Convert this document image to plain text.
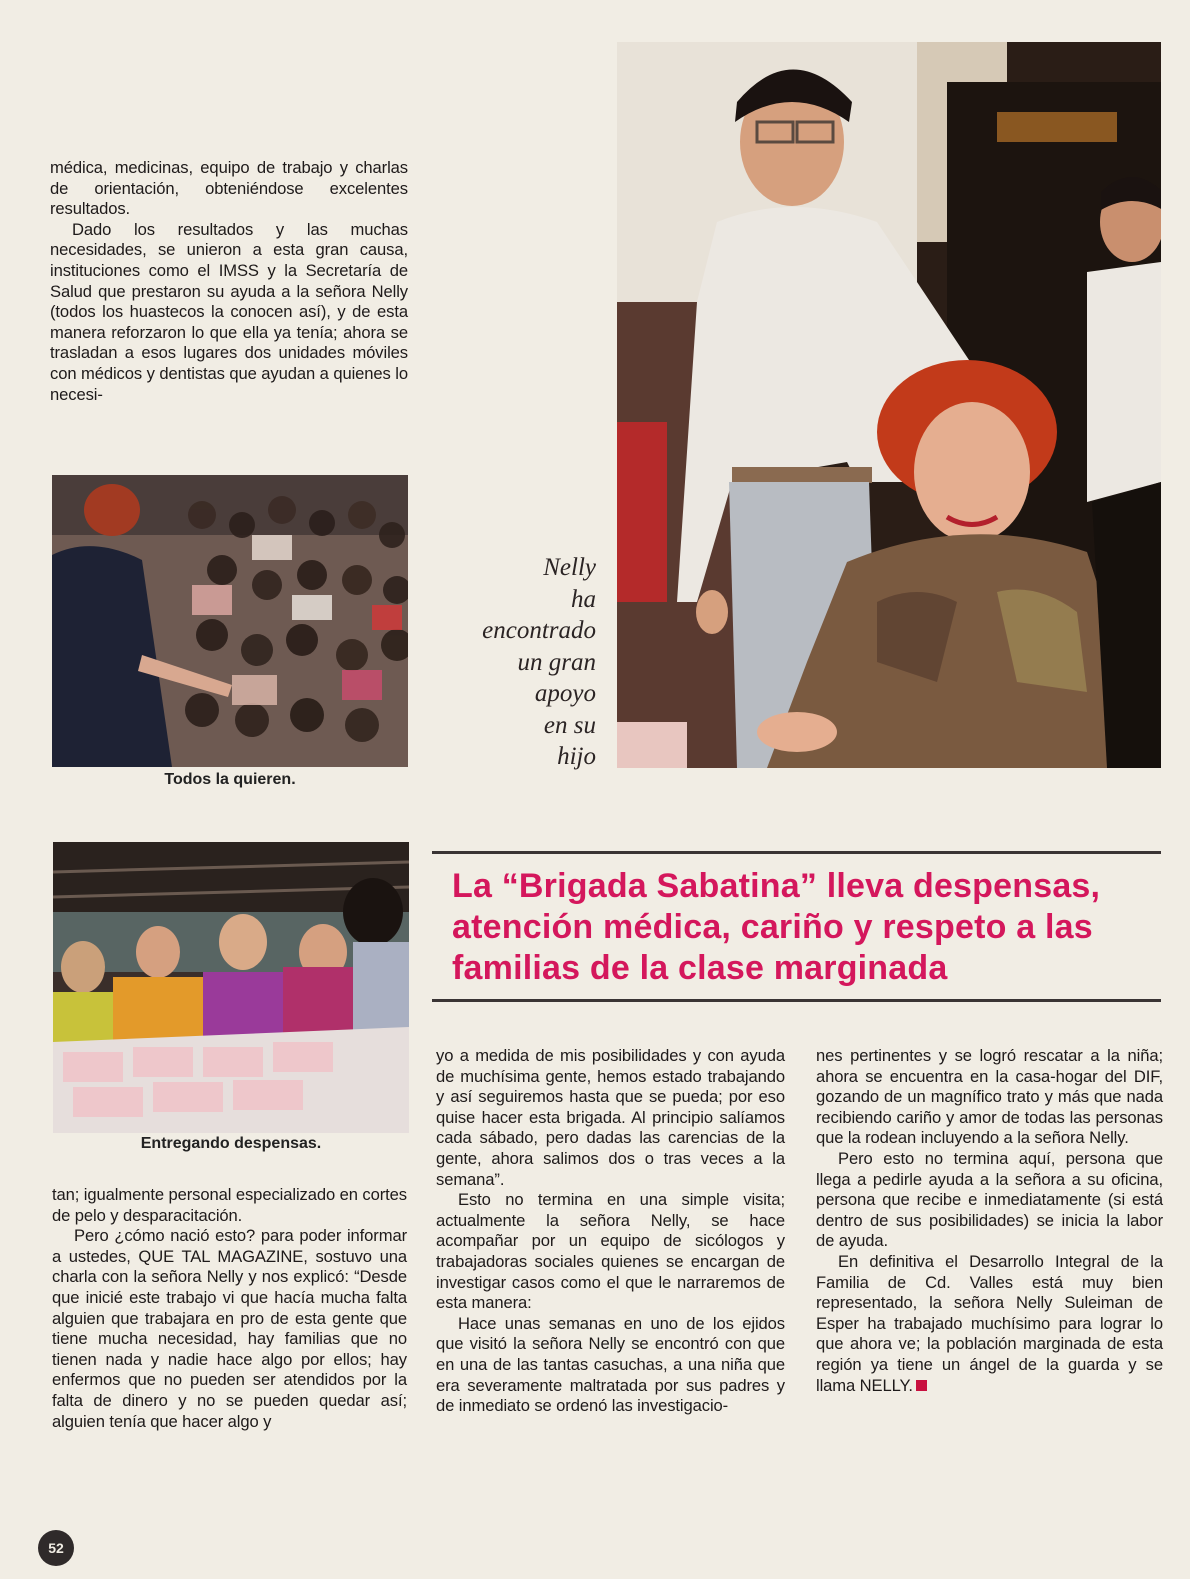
médica, medicinas, equipo de trabajo y charlas de orientación, obteniéndose excelentes resultados.

Dado los resultados y las muchas necesidades, se unieron a esta gran causa, instituciones como el IMSS y la Secretaría de Salud que prestaron su ayuda a la señora Nelly (todos los huastecos la conocen así), y de esta manera reforzaron lo que ella ya tenía; ahora se trasladan a esos lugares dos unidades móviles con médicos y dentistas que ayudan a quienes lo necesi-

Todos la quieren.
Nelly
ha
encontrado
un gran
apoyo
en su
hijo
La “Brigada Sabatina” lleva despensas, atención médica, cariño y respeto a las familias de la clase marginada
Entregando despensas.

tan; igualmente personal especializado en cortes de pelo y desparacitación.

Pero ¿cómo nació esto? para poder informar a ustedes, QUE TAL MAGAZINE, sostuvo una charla con la señora Nelly y nos explicó: “Desde que inicié este trabajo vi que hacía mucha falta alguien que trabajara en pro de esta gente que tiene mucha necesidad, hay familias que no tienen nada y nadie hace algo por ellos; hay enfermos que no pueden ser atendidos por la falta de dinero y no se pueden quedar así; alguien tenía que hacer algo y

yo a medida de mis posibilidades y con ayuda de muchísima gente, hemos estado trabajando y así seguiremos hasta que se pueda; por eso quise hacer esta brigada. Al principio salíamos cada sábado, pero dadas las carencias de la gente, ahora salimos dos o tras veces a la semana”.

Esto no termina en una simple visita; actualmente la señora Nelly, se hace acompañar por un equipo de sicólogos y trabajadoras sociales quienes se encargan de investigar casos como el que le narraremos de esta manera:

Hace unas semanas en uno de los ejidos que visitó la señora Nelly se encontró con que en una de las tantas casuchas, a una niña que era severamente maltratada por sus padres y de inmediato se ordenó las investigacio-

nes pertinentes y se logró rescatar a la niña; ahora se encuentra en la casa-hogar del DIF, gozando de un magnífico trato y más que nada recibiendo cariño y amor de todas las personas que la rodean incluyendo a la señora Nelly.

Pero esto no termina aquí, persona que llega a pedirle ayuda a la señora a su oficina, persona que recibe e inmediatamente (si está dentro de sus posibilidades) se inicia la labor de ayuda.

En definitiva el Desarrollo Integral de la Familia de Cd. Valles está muy bien representado, la señora Nelly Suleiman de Esper ha trabajado muchísimo para lograr lo que ahora ve; la población marginada de esta región ya tiene un ángel de la guarda y se llama NELLY.

52
